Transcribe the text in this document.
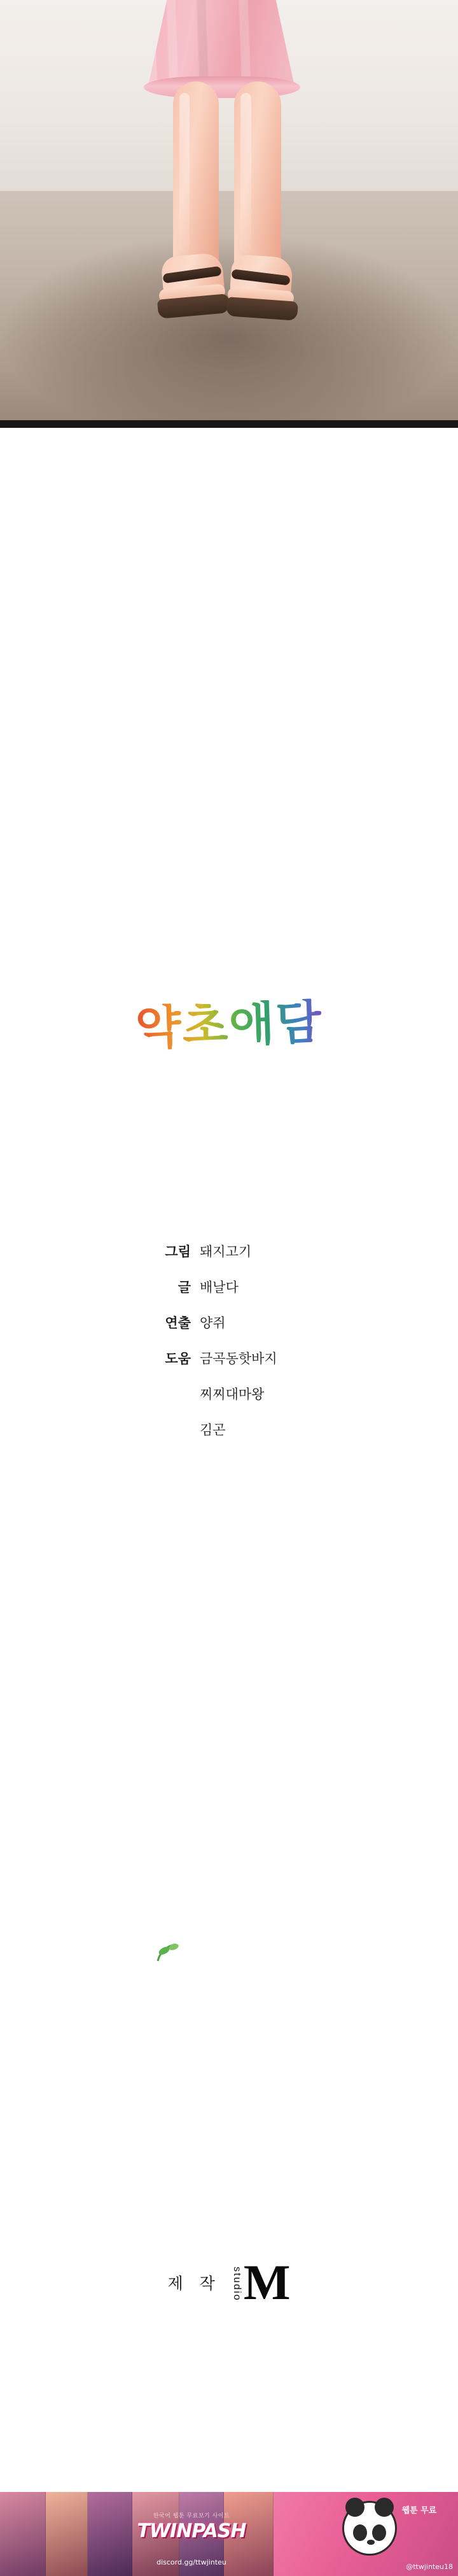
약초애담
그림 돼지고기
글 배날다
연출 양쥐
도움 금곡동핫바지
찌찌대마왕
김곤
제 작 studio M
한국어 웹툰 무료보기 사이트
TWINPASH
discord.gg/ttwjinteu
웹툰 무료
@ttwjinteu18
